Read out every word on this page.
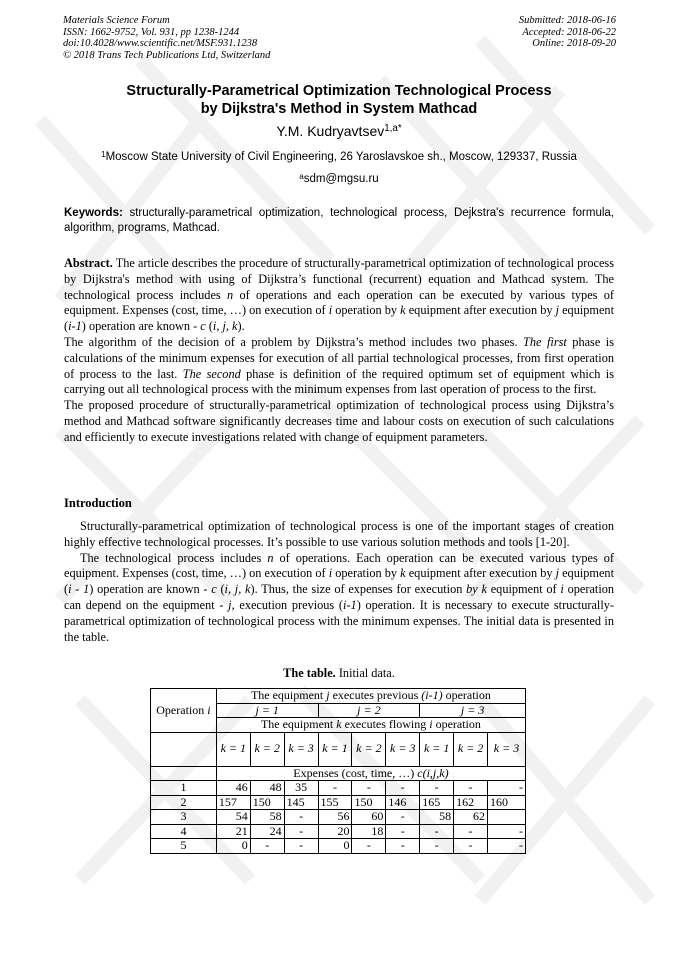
Materials Science Forum
ISSN: 1662-9752, Vol. 931, pp 1238-1244
doi:10.4028/www.scientific.net/MSF.931.1238
© 2018 Trans Tech Publications Ltd, Switzerland
Submitted: 2018-06-16
Accepted: 2018-06-22
Online: 2018-09-20
Structurally-Parametrical Optimization Technological Process
by Dijkstra's Method in System Mathcad
Y.M. Kudryavtsev$^{1,a*}$
$^1$Moscow State University of Civil Engineering, 26 Yaroslavskoe sh., Moscow, 129337, Russia
$^a$sdm@mgsu.ru
Keywords: structurally-parametrical optimization, technological process, Dejkstra's recurrence formula, algorithm, programs, Mathcad.

Abstract. The article describes the procedure of structurally-parametrical optimization of technological process by Dijkstra's method with using of Dijkstra’s functional (recurrent) equation and Mathcad system. The technological process includes n of operations and each operation can be executed by various types of equipment. Expenses (cost, time, …) on execution of i operation by k equipment after execution by j equipment (i-1) operation are known - c (i, j, k).

The algorithm of the decision of a problem by Dijkstra’s method includes two phases. The first phase is calculations of the minimum expenses for execution of all partial technological processes, from first operation of process to the last. The second phase is definition of the required optimum set of equipment which is carrying out all technological process with the minimum expenses from last operation of process to the first.

The proposed procedure of structurally-parametrical optimization of technological process using Dijkstra’s method and Mathcad software significantly decreases time and labour costs on execution of such calculations and efficiently to execute investigations related with change of equipment parameters.

Introduction

Structurally-parametrical optimization of technological process is one of the important stages of creation highly effective technological processes. It’s possible to use various solution methods and tools [1-20].

The technological process includes n of operations. Each operation can be executed various types of equipment. Expenses (cost, time, …) on execution of i operation by k equipment after execution by j equipment (i - 1) operation are known - c (i, j, k). Thus, the size of expenses for execution by k equipment of i operation can depend on the equipment - j, execution previous (i-1) operation. It is necessary to execute structurally-parametrical optimization of technological process with the minimum expenses. The initial data is presented in the table.

The table. Initial data.
Operation i	The equipment j executes previous (i-1) operation								
	j = 1			j = 2			j = 3		
	The equipment k executes flowing i operation								
	k = 1	k = 2	k = 3	k = 1	k = 2	k = 3	k = 1	k = 2	k = 3
	Expenses (cost, time, …) c(i,j,k)								
1	46	48	35	-	-	-	-	-	-
2	157	150	145	155	150	146	165	162	160
3	54	58	-	56	60	-	58	62	
4	21	24	-	20	18	-	-	-	-
5	0	-	-	0	-	-	-	-	-
